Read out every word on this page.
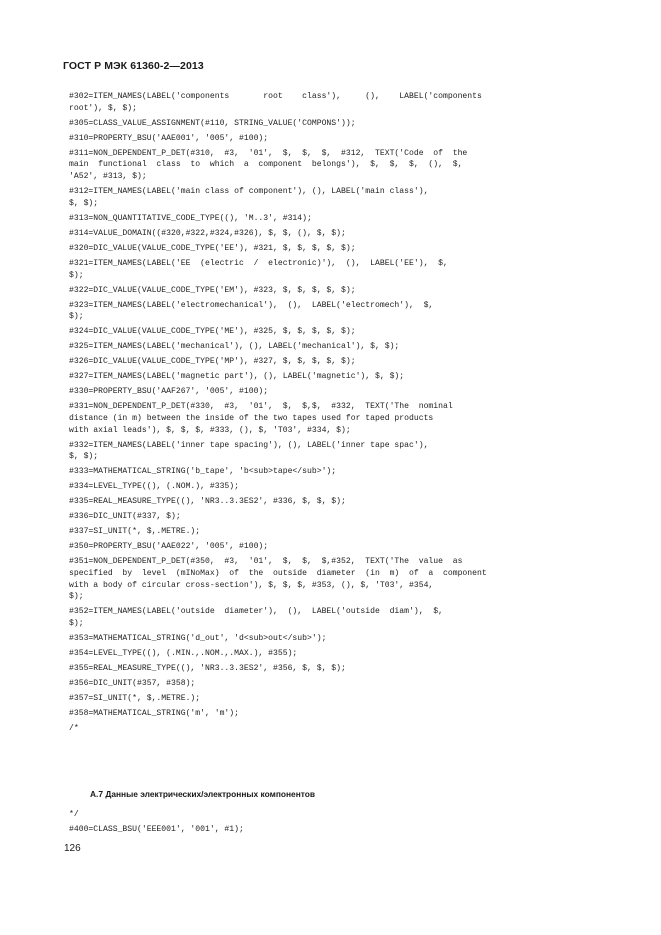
ГОСТ Р МЭК 61360-2—2013
#302=ITEM_NAMES(LABEL('components       root    class'),     (),    LABEL('components
root'), $, $);
#305=CLASS_VALUE_ASSIGNMENT(#110, STRING_VALUE('COMPONS'));
#310=PROPERTY_BSU('AAE001', '005', #100);
#311=NON_DEPENDENT_P_DET(#310,  #3,  '01',  $,  $,  $,  #312,  TEXT('Code  of  the
main  functional  class  to  which  a  component  belongs'),  $,  $,  $,  (),  $,
'A52', #313, $);
#312=ITEM_NAMES(LABEL('main class of component'), (), LABEL('main class'),
$, $);
#313=NON_QUANTITATIVE_CODE_TYPE((), 'M..3', #314);
#314=VALUE_DOMAIN((#320,#322,#324,#326), $, $, (), $, $);
#320=DIC_VALUE(VALUE_CODE_TYPE('EE'), #321, $, $, $, $, $);
#321=ITEM_NAMES(LABEL('EE  (electric  /  electronic)'),  (),  LABEL('EE'),  $,
$);
#322=DIC_VALUE(VALUE_CODE_TYPE('EM'), #323, $, $, $, $, $);
#323=ITEM_NAMES(LABEL('electromechanical'),  (),  LABEL('electromech'),  $,
$);
#324=DIC_VALUE(VALUE_CODE_TYPE('ME'), #325, $, $, $, $, $);
#325=ITEM_NAMES(LABEL('mechanical'), (), LABEL('mechanical'), $, $);
#326=DIC_VALUE(VALUE_CODE_TYPE('MP'), #327, $, $, $, $, $);
#327=ITEM_NAMES(LABEL('magnetic part'), (), LABEL('magnetic'), $, $);
#330=PROPERTY_BSU('AAF267', '005', #100);
#331=NON_DEPENDENT_P_DET(#330,  #3,  '01',  $,  $,$,  #332,  TEXT('The  nominal
distance (in m) between the inside of the two tapes used for taped products
with axial leads'), $, $, $, #333, (), $, 'T03', #334, $);
#332=ITEM_NAMES(LABEL('inner tape spacing'), (), LABEL('inner tape spac'),
$, $);
#333=MATHEMATICAL_STRING('b_tape', 'b<sub>tape</sub>');
#334=LEVEL_TYPE((), (.NOM.), #335);
#335=REAL_MEASURE_TYPE((), 'NR3..3.3ES2', #336, $, $, $);
#336=DIC_UNIT(#337, $);
#337=SI_UNIT(*, $,.METRE.);
#350=PROPERTY_BSU('AAE022', '005', #100);
#351=NON_DEPENDENT_P_DET(#350,  #3,  '01',  $,  $,  $,#352,  TEXT('The  value  as
specified  by  level  (mINoMax)  of  the  outside  diameter  (in  m)  of  a  component
with a body of circular cross-section'), $, $, $, #353, (), $, 'T03', #354,
$);
#352=ITEM_NAMES(LABEL('outside  diameter'),  (),  LABEL('outside  diam'),  $,
$);
#353=MATHEMATICAL_STRING('d_out', 'd<sub>out</sub>');
#354=LEVEL_TYPE((), (.MIN.,.NOM.,.MAX.), #355);
#355=REAL_MEASURE_TYPE((), 'NR3..3.3ES2', #356, $, $, $);
#356=DIC_UNIT(#357, #358);
#357=SI_UNIT(*, $,.METRE.);
#358=MATHEMATICAL_STRING('m', 'm');
/*
А.7 Данные электрических/электронных компонентов
*/
#400=CLASS_BSU('EEE001', '001', #1);
126
